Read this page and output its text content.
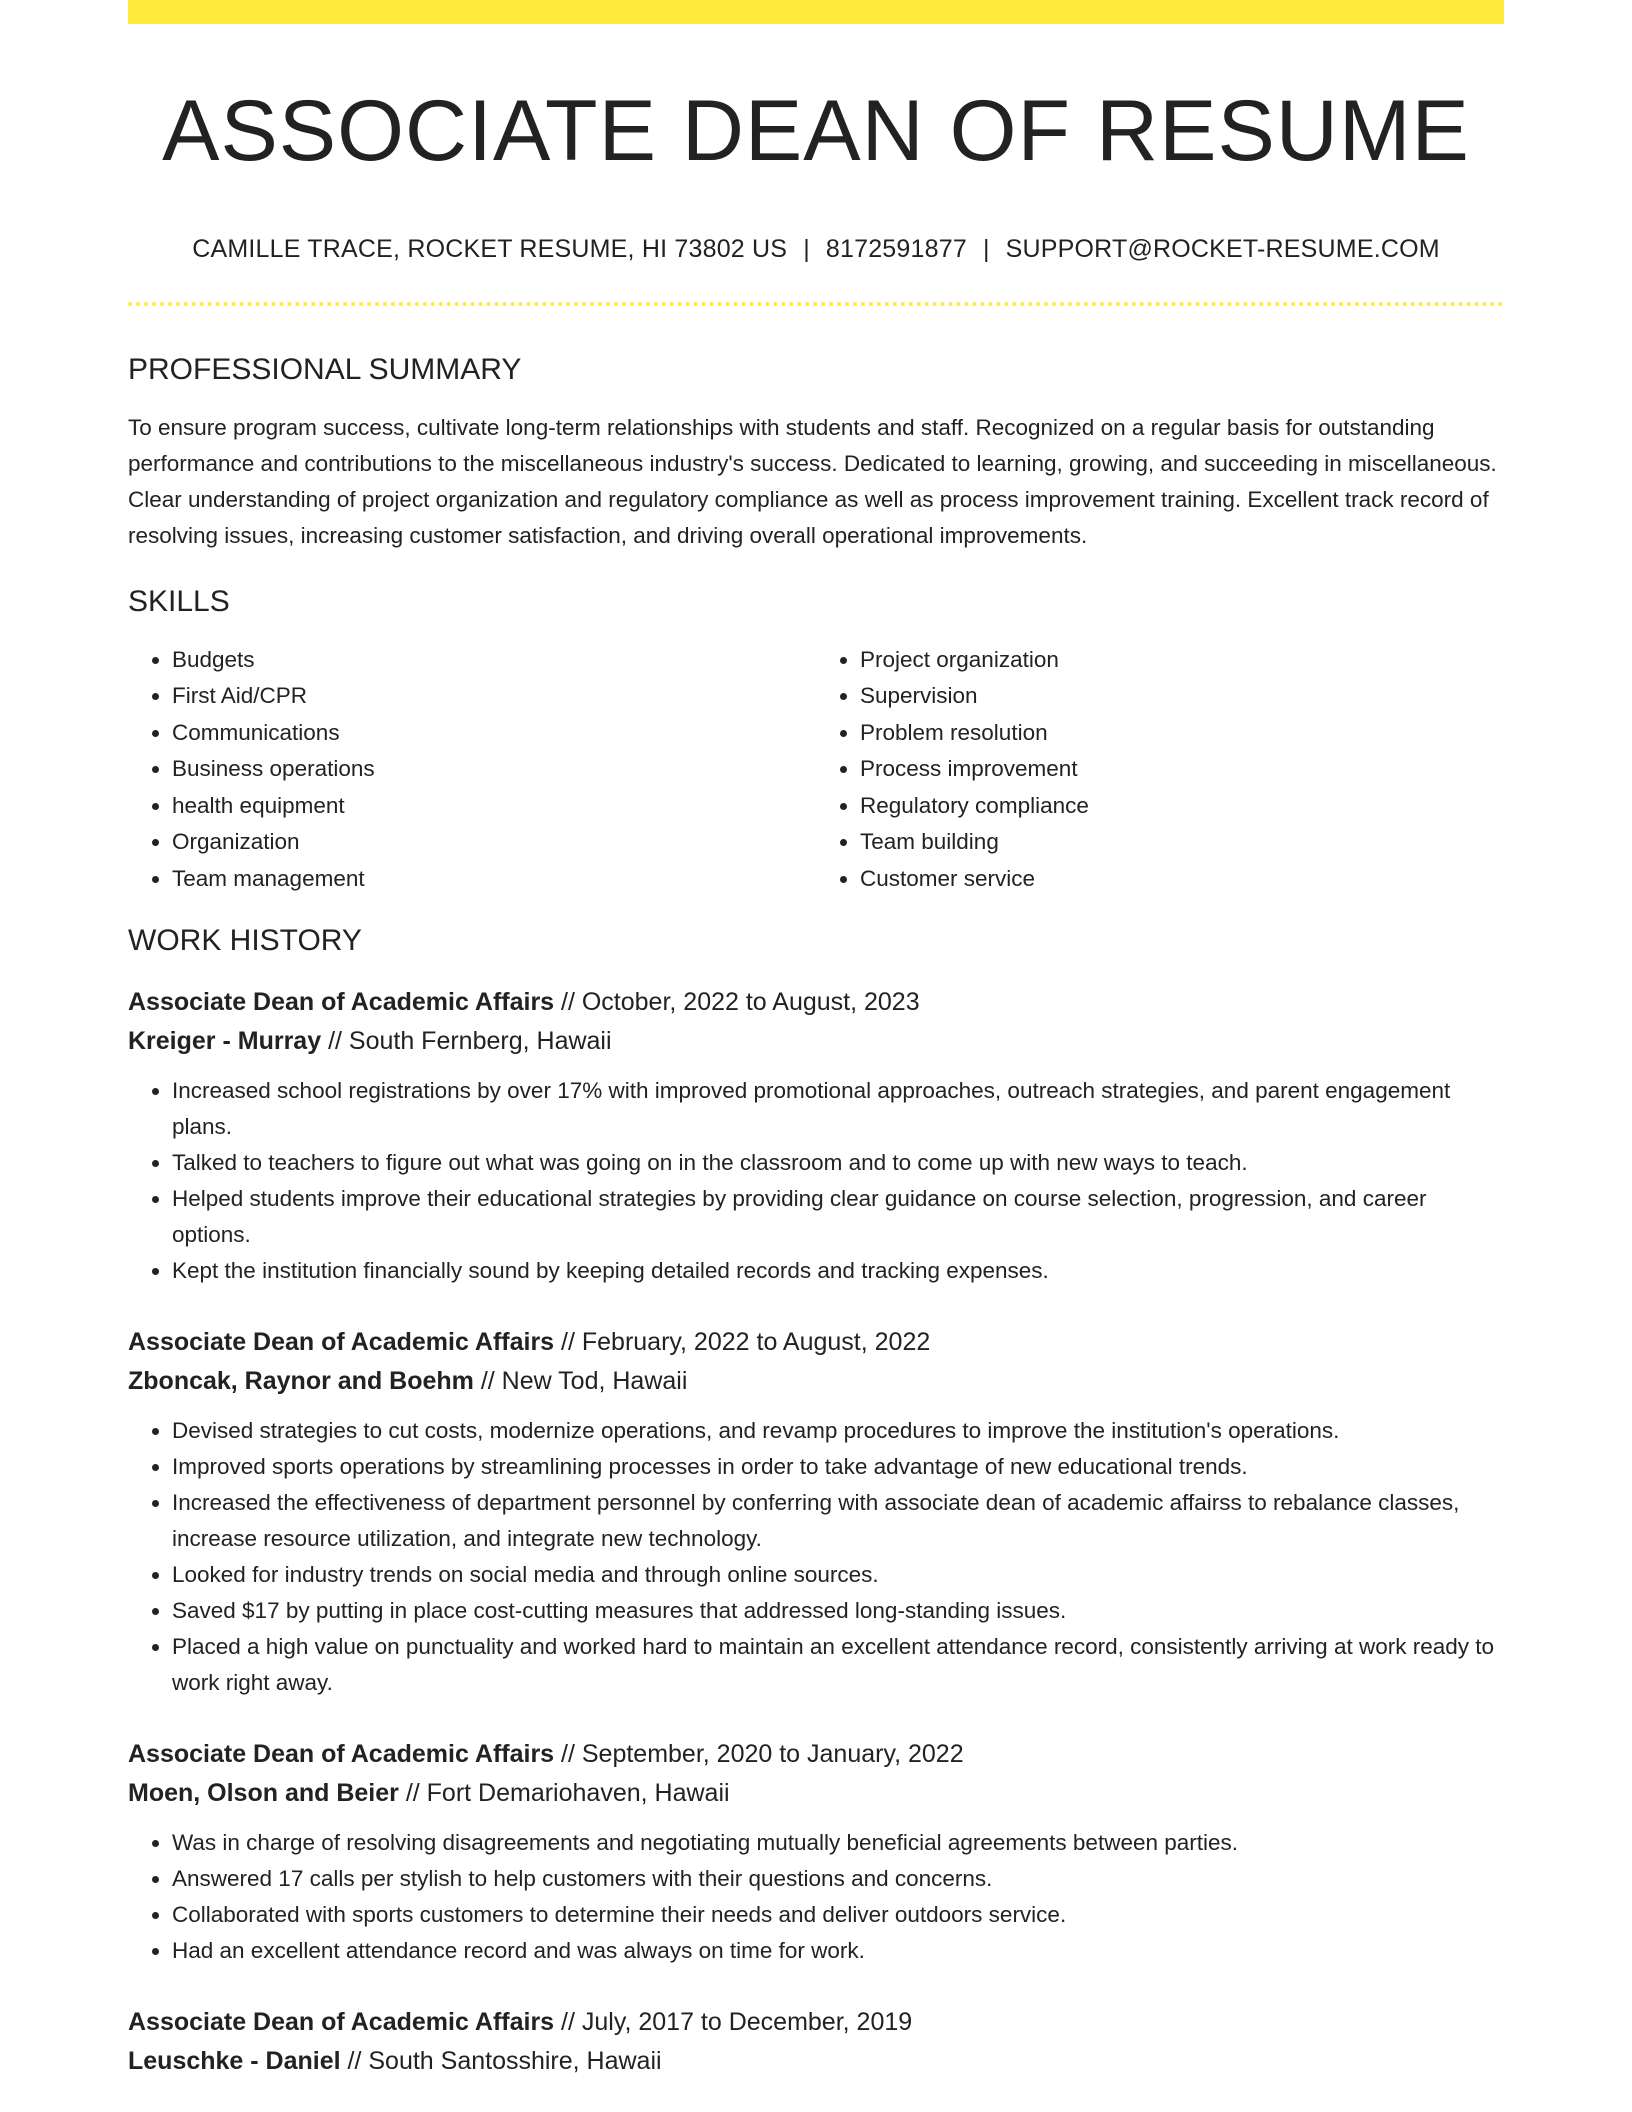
ASSOCIATE DEAN OF RESUME
CAMILLE TRACE, ROCKET RESUME, HI 73802 US | 8172591877 | SUPPORT@ROCKET-RESUME.COM
PROFESSIONAL SUMMARY

To ensure program success, cultivate long-term relationships with students and staff. Recognized on a regular basis for outstanding performance and contributions to the miscellaneous industry's success. Dedicated to learning, growing, and succeeding in miscellaneous. Clear understanding of project organization and regulatory compliance as well as process improvement training. Excellent track record of resolving issues, increasing customer satisfaction, and driving overall operational improvements.

SKILLS
• Budgets
• First Aid/CPR
• Communications
• Business operations
• health equipment
• Organization
• Team management
• Project organization
• Supervision
• Problem resolution
• Process improvement
• Regulatory compliance
• Team building
• Customer service
WORK HISTORY
Associate Dean of Academic Affairs // October, 2022 to August, 2023
Kreiger - Murray // South Fernberg, Hawaii
• Increased school registrations by over 17% with improved promotional approaches, outreach strategies, and parent engagement plans.
• Talked to teachers to figure out what was going on in the classroom and to come up with new ways to teach.
• Helped students improve their educational strategies by providing clear guidance on course selection, progression, and career options.
• Kept the institution financially sound by keeping detailed records and tracking expenses.
Associate Dean of Academic Affairs // February, 2022 to August, 2022
Zboncak, Raynor and Boehm // New Tod, Hawaii
• Devised strategies to cut costs, modernize operations, and revamp procedures to improve the institution's operations.
• Improved sports operations by streamlining processes in order to take advantage of new educational trends.
• Increased the effectiveness of department personnel by conferring with associate dean of academic affairss to rebalance classes, increase resource utilization, and integrate new technology.
• Looked for industry trends on social media and through online sources.
• Saved $17 by putting in place cost-cutting measures that addressed long-standing issues.
• Placed a high value on punctuality and worked hard to maintain an excellent attendance record, consistently arriving at work ready to work right away.
Associate Dean of Academic Affairs // September, 2020 to January, 2022
Moen, Olson and Beier // Fort Demariohaven, Hawaii
• Was in charge of resolving disagreements and negotiating mutually beneficial agreements between parties.
• Answered 17 calls per stylish to help customers with their questions and concerns.
• Collaborated with sports customers to determine their needs and deliver outdoors service.
• Had an excellent attendance record and was always on time for work.
Associate Dean of Academic Affairs // July, 2017 to December, 2019
Leuschke - Daniel // South Santosshire, Hawaii
